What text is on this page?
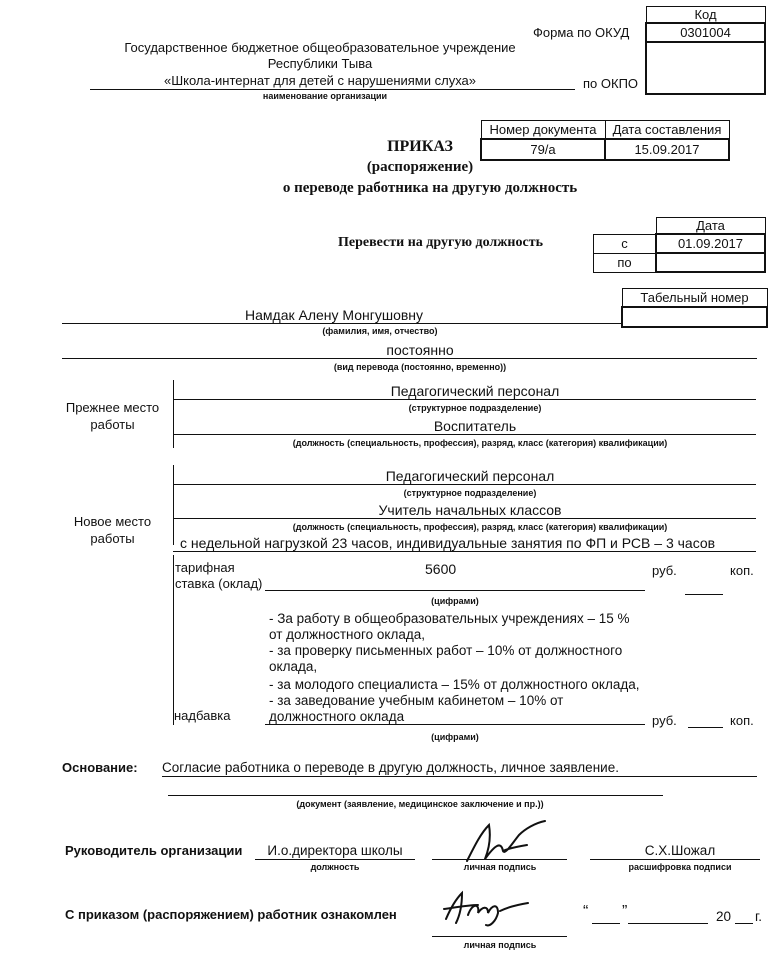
Код
0301004

Форма по ОКУД
по ОКПО
Государственное бюджетное общеобразовательное учреждение
Республики Тыва
«Школа-интернат для детей с нарушениями слуха»
наименование организации
ПРИКАЗ
(распоряжение)
о переводе работника на другую должность
Номер документа	Дата составления
79/а	15.09.2017
Перевести на другую должность
	Дата
с	01.09.2017
по	
Табельный номер

Намдак Алену Монгушовну
(фамилия, имя, отчество)
постоянно
(вид перевода (постоянно, временно))
Прежнее место
работы
Педагогический персонал
(структурное подразделение)
Воспитатель
(должность (специальность, профессия), разряд, класс (категория) квалификации)
Новое место
работы
Педагогический персонал
(структурное подразделение)
Учитель начальных классов
(должность (специальность, профессия), разряд, класс (категория) квалификации)
с недельной нагрузкой 23 часов, индивидуальные занятия по ФП и РСВ – 3 часов
тарифная
ставка (оклад)
5600	руб.	коп.
(цифрами)
- За работу в общеобразовательных учреждениях – 15 %
от должностного оклада,
- за проверку письменных работ – 10% от должностного
оклада,
- за молодого специалиста – 15% от должностного оклада,
- за заведование учебным кабинетом – 10% от
должностного оклада
надбавка	руб.	коп.
(цифрами)
Основание: Согласие работника о переводе в другую должность, личное заявление.
(документ (заявление, медицинское заключение и пр.))
Руководитель организации	И.о.директора школы
должность	личная подпись
С.Х.Шожал
расшифровка подписи
С приказом (распоряжением) работник ознакомлен
личная подпись
“ ”	20 г.
